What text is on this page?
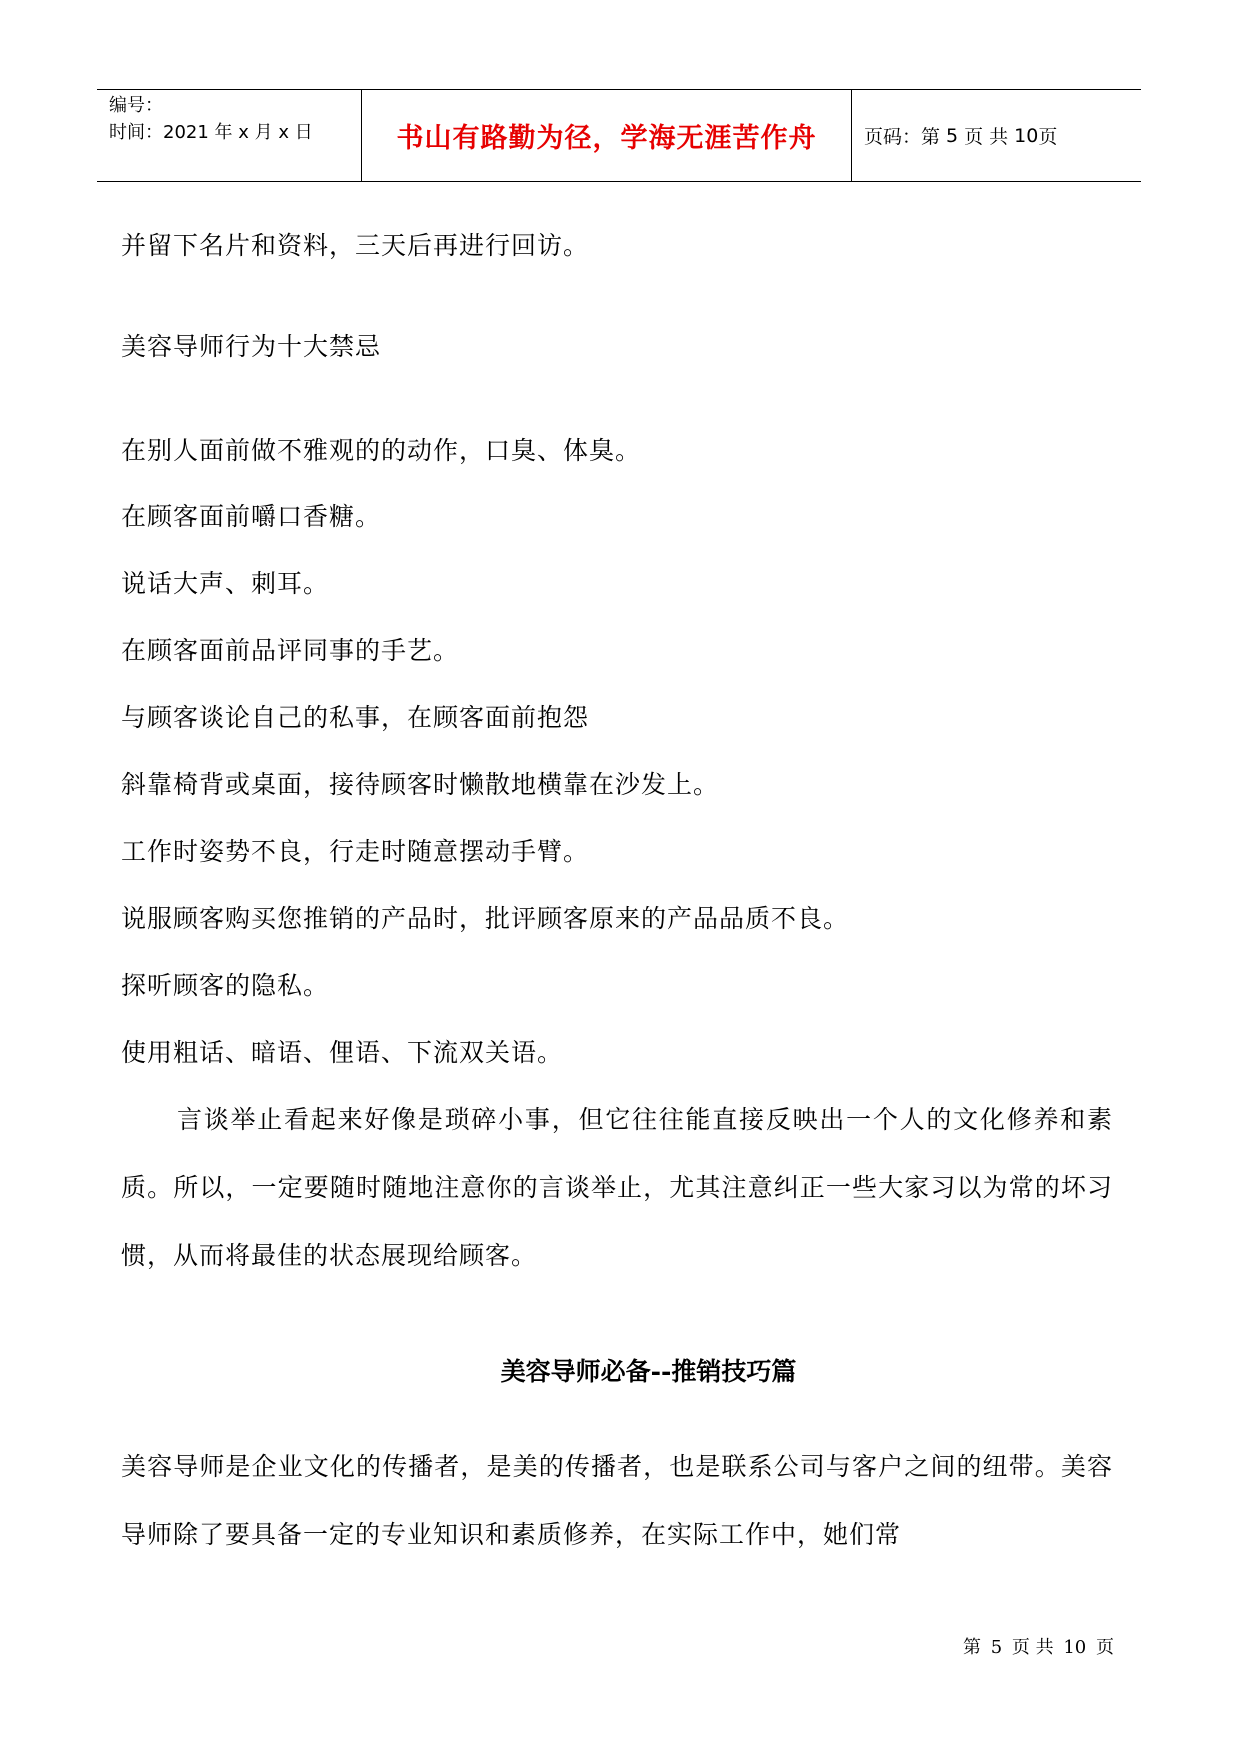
编号：
时间：2021 年 x 月 x 日	书山有路勤为径，学海无涯苦作舟	页码：第 5 页 共 10 页
并留下名片和资料，三天后再进行回访。
美容导师行为十大禁忌
在别人面前做不雅观的的动作，口臭、体臭。
在顾客面前嚼口香糖。
说话大声、刺耳。
在顾客面前品评同事的手艺。
与顾客谈论自己的私事，在顾客面前抱怨
斜靠椅背或桌面，接待顾客时懒散地横靠在沙发上。
工作时姿势不良，行走时随意摆动手臂。
说服顾客购买您推销的产品时，批评顾客原来的产品品质不良。
探听顾客的隐私。
使用粗话、暗语、俚语、下流双关语。
言谈举止看起来好像是琐碎小事，但它往往能直接反映出一个人的文化修养和素质。所以，一定要随时随地注意你的言谈举止，尤其注意纠正一些大家习以为常的坏习惯，从而将最佳的状态展现给顾客。
美容导师必备--推销技巧篇
美容导师是企业文化的传播者，是美的传播者，也是联系公司与客户之间的纽带。美容导师除了要具备一定的专业知识和素质修养，在实际工作中，她们常
第 5 页 共 10 页
